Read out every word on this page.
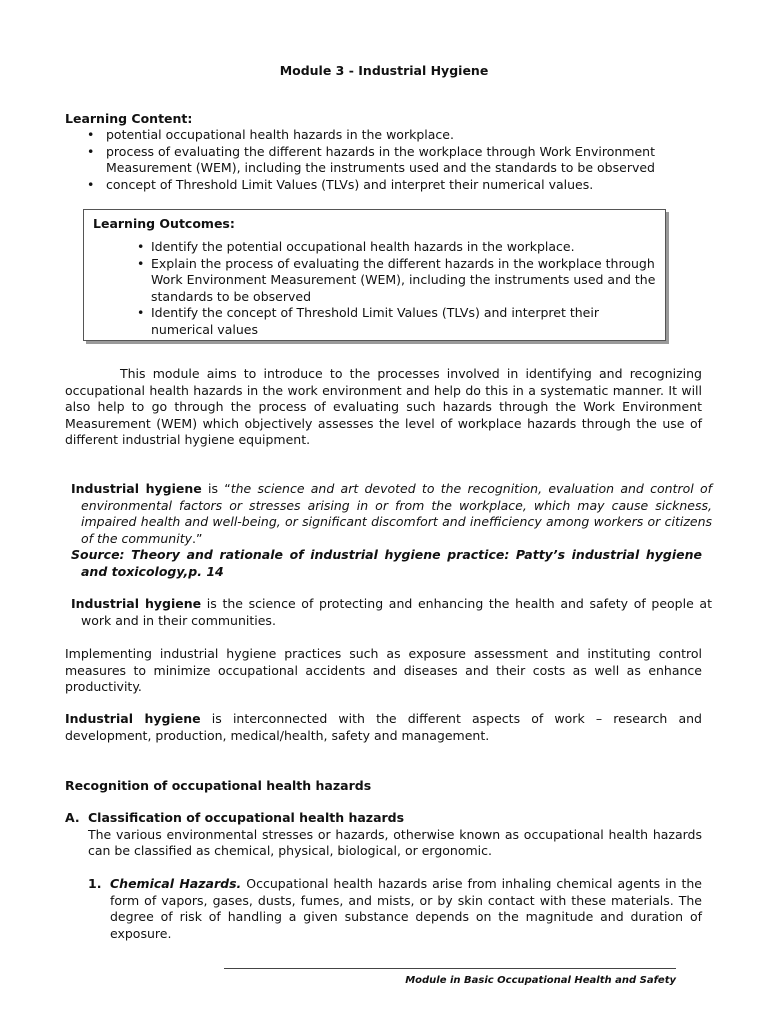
Module 3 - Industrial Hygiene
Learning Content:
• potential occupational health hazards in the workplace.
• process of evaluating the different hazards in the workplace through Work Environment Measurement (WEM), including the instruments used and the standards to be observed
• concept of Threshold Limit Values (TLVs) and interpret their numerical values.
Learning Outcomes:
• Identify the potential occupational health hazards in the workplace.
• Explain the process of evaluating the different hazards in the workplace through Work Environment Measurement (WEM), including the instruments used and the standards to be observed
• Identify the concept of Threshold Limit Values (TLVs) and interpret their numerical values
This module aims to introduce to the processes involved in identifying and recognizing occupational health hazards in the work environment and help do this in a systematic manner. It will also help to go through the process of evaluating such hazards through the Work Environment Measurement (WEM) which objectively assesses the level of workplace hazards through the use of different industrial hygiene equipment.
Industrial hygiene is “the science and art devoted to the recognition, evaluation and control of environmental factors or stresses arising in or from the workplace, which may cause sickness, impaired health and well-being, or significant discomfort and inefficiency among workers or citizens of the community.”
Source: Theory and rationale of industrial hygiene practice: Patty’s industrial hygiene and toxicology,p. 14
Industrial hygiene is the science of protecting and enhancing the health and safety of people at work and in their communities.
Implementing industrial hygiene practices such as exposure assessment and instituting control measures to minimize occupational accidents and diseases and their costs as well as enhance productivity.
Industrial hygiene is interconnected with the different aspects of work – research and development, production, medical/health, safety and management.
Recognition of occupational health hazards
A. Classification of occupational health hazards
The various environmental stresses or hazards, otherwise known as occupational health hazards can be classified as chemical, physical, biological, or ergonomic.
1. Chemical Hazards. Occupational health hazards arise from inhaling chemical agents in the form of vapors, gases, dusts, fumes, and mists, or by skin contact with these materials. The degree of risk of handling a given substance depends on the magnitude and duration of exposure.
Module in Basic Occupational Health and Safety
